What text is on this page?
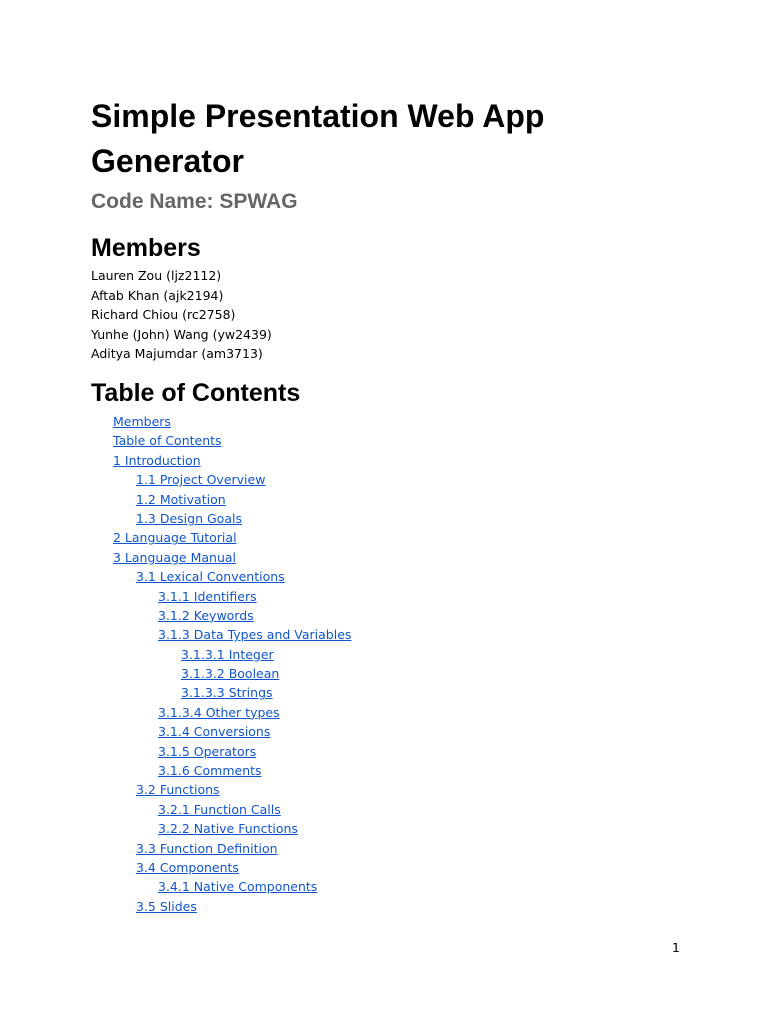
Simple Presentation Web App Generator
Code Name: SPWAG
Members
Lauren Zou (ljz2112)
Aftab Khan (ajk2194)
Richard Chiou (rc2758)
Yunhe (John) Wang (yw2439)
Aditya Majumdar (am3713)
Table of Contents
Members
Table of Contents
1 Introduction
1.1 Project Overview
1.2 Motivation
1.3 Design Goals
2 Language Tutorial
3 Language Manual
3.1 Lexical Conventions
3.1.1 Identifiers
3.1.2 Keywords
3.1.3 Data Types and Variables
3.1.3.1 Integer
3.1.3.2 Boolean
3.1.3.3 Strings
3.1.3.4 Other types
3.1.4 Conversions
3.1.5 Operators
3.1.6 Comments
3.2 Functions
3.2.1 Function Calls
3.2.2 Native Functions
3.3 Function Definition
3.4 Components
3.4.1 Native Components
3.5 Slides
1
